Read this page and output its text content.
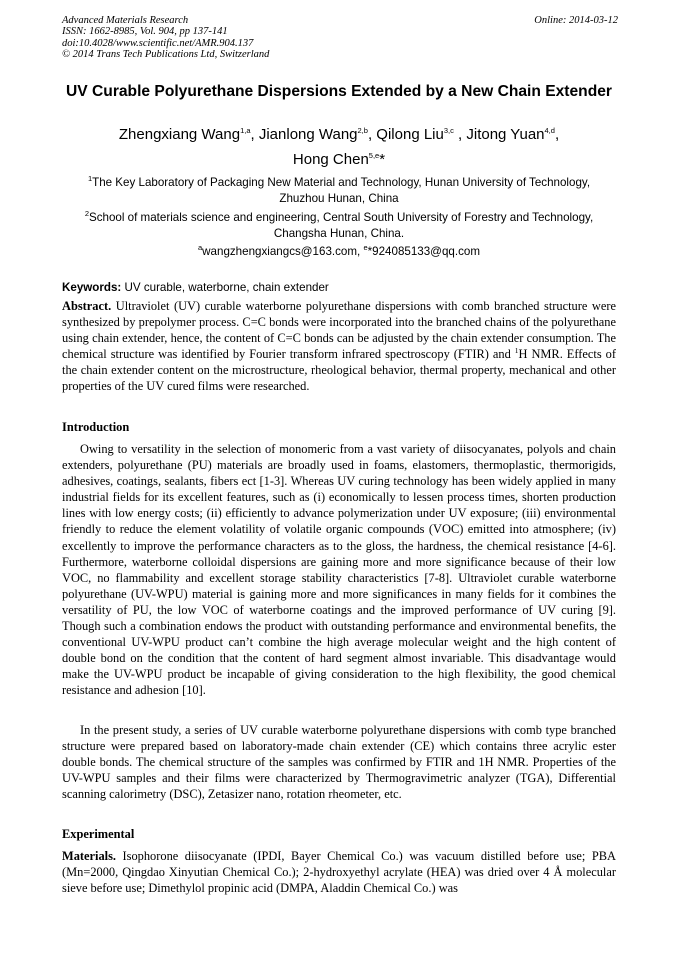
Advanced Materials Research
ISSN: 1662-8985, Vol. 904, pp 137-141
doi:10.4028/www.scientific.net/AMR.904.137
© 2014 Trans Tech Publications Ltd, Switzerland
Online: 2014-03-12
UV Curable Polyurethane Dispersions Extended by a New Chain Extender
Zhengxiang Wang$^{1,a}$, Jianlong Wang$^{2,b}$, Qilong Liu$^{3,c}$ , Jitong Yuan$^{4,d}$,
Hong Chen$^{5,e}$*
$^1$The Key Laboratory of Packaging New Material and Technology, Hunan University of Technology,
Zhuzhou Hunan, China
$^2$School of materials science and engineering, Central South University of Forestry and Technology,
Changsha Hunan, China.
$^a$wangzhengxiangcs@163.com, $^e$*924085133@qq.com
Keywords: UV curable, waterborne, chain extender
Abstract. Ultraviolet (UV) curable waterborne polyurethane dispersions with comb branched structure were synthesized by prepolymer process. C=C bonds were incorporated into the branched chains of the polyurethane using chain extender, hence, the content of C=C bonds can be adjusted by the chain extender consumption. The chemical structure was identified by Fourier transform infrared spectroscopy (FTIR) and $^1$H NMR. Effects of the chain extender content on the microstructure, rheological behavior, thermal property, mechanical and other properties of the UV cured films were researched.
Introduction
Owing to versatility in the selection of monomeric from a vast variety of diisocyanates, polyols and chain extenders, polyurethane (PU) materials are broadly used in foams, elastomers, thermoplastic, thermorigids, adhesives, coatings, sealants, fibers ect [1-3]. Whereas UV curing technology has been widely applied in many industrial fields for its excellent features, such as (i) economically to lessen process times, shorten production lines with low energy costs; (ii) efficiently to advance polymerization under UV exposure; (iii) environmental friendly to reduce the element volatility of volatile organic compounds (VOC) emitted into atmosphere; (iv) excellently to improve the performance characters as to the gloss, the hardness, the chemical resistance [4-6]. Furthermore, waterborne colloidal dispersions are gaining more and more significance because of their low VOC, no flammability and excellent storage stability characteristics [7-8]. Ultraviolet curable waterborne polyurethane (UV-WPU) material is gaining more and more significances in many fields for it combines the versatility of PU, the low VOC of waterborne coatings and the improved performance of UV curing [9]. Though such a combination endows the product with outstanding performance and environmental benefits, the conventional UV-WPU product can’t combine the high average molecular weight and the high content of double bond on the condition that the content of hard segment almost invariable. This disadvantage would make the UV-WPU product be incapable of giving consideration to the high flexibility, the good chemical resistance and adhesion [10].
In the present study, a series of UV curable waterborne polyurethane dispersions with comb type branched structure were prepared based on laboratory-made chain extender (CE) which contains three acrylic ester double bonds. The chemical structure of the samples was confirmed by FTIR and 1H NMR. Properties of the UV-WPU samples and their films were characterized by Thermogravimetric analyzer (TGA), Differential scanning calorimetry (DSC), Zetasizer nano, rotation rheometer, etc.
Experimental
Materials. Isophorone diisocyanate (IPDI, Bayer Chemical Co.) was vacuum distilled before use; PBA (Mn=2000, Qingdao Xinyutian Chemical Co.); 2-hydroxyethyl acrylate (HEA) was dried over 4 Å molecular sieve before use; Dimethylol propinic acid (DMPA, Aladdin Chemical Co.) was
